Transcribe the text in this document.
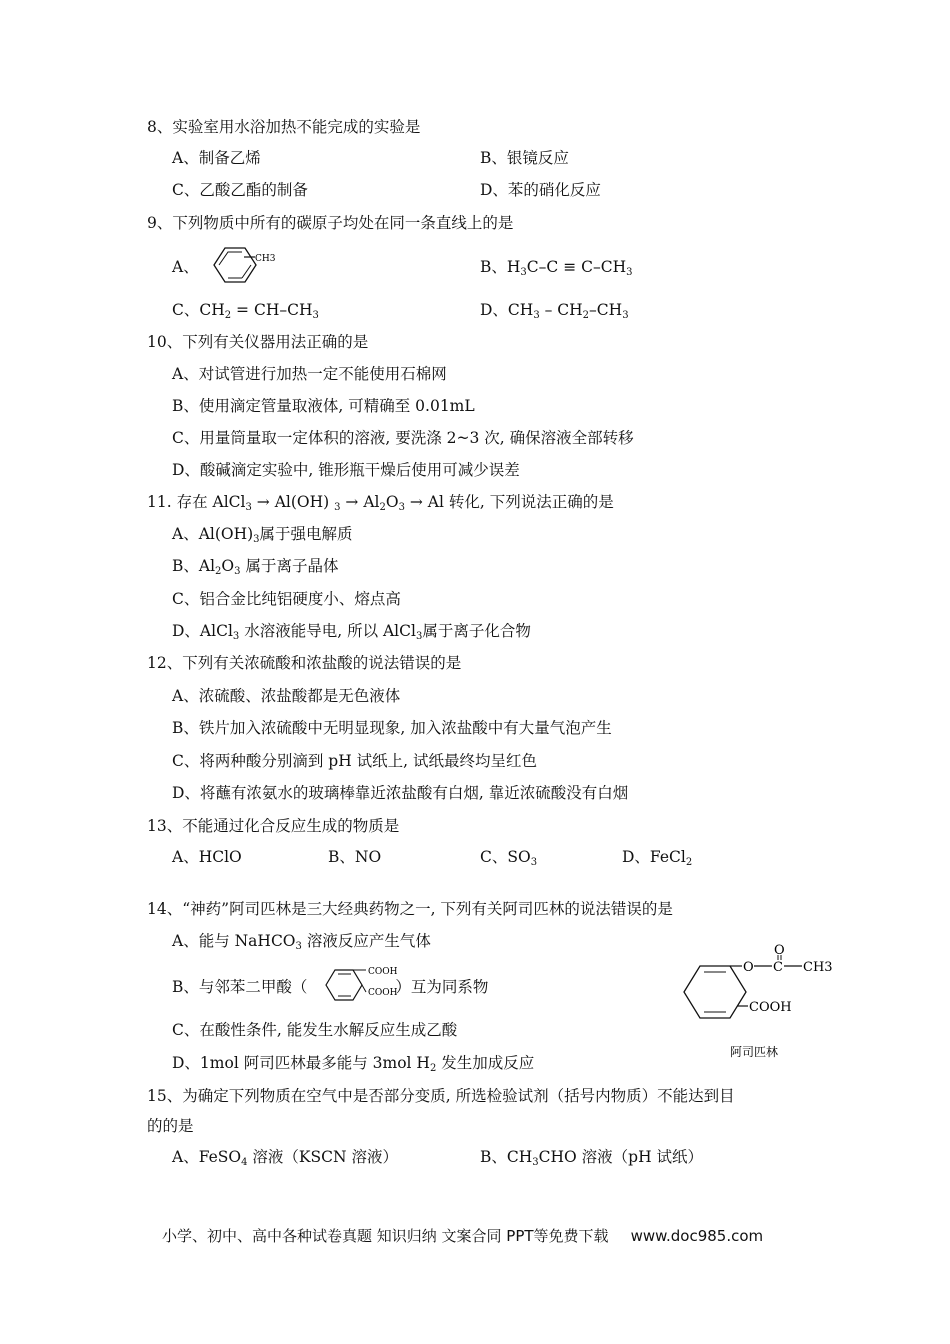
8、实验室用水浴加热不能完成的实验是
A、制备乙烯	B、银镜反应
C、乙酸乙酯的制备	D、苯的硝化反应
9、下列物质中所有的碳原子均处在同一条直线上的是
A、	CH3	B、$H_3C-C \equiv C-CH_3$
C、$CH_2 = CH-CH_3$	D、$CH_3 - CH_2-CH_3$
10、下列有关仪器用法正确的是
A、对试管进行加热一定不能使用石棉网
B、使用滴定管量取液体, 可精确至 0.01mL
C、用量筒量取一定体积的溶液, 要洗涤 2~3 次, 确保溶液全部转移
D、酸碱滴定实验中, 锥形瓶干燥后使用可减少误差
11. 存在 AlCl$_3$ → Al(OH) $_3 \to Al_2O_3 \to Al$ 转化, 下列说法正确的是
A、$Al(OH)_3$属于强电解质
B、$Al_2O_3$ 属于离子晶体
C、铝合金比纯铝硬度小、熔点高
D、AlCl$_3$ 水溶液能导电, 所以 AlCl$_3$属于离子化合物
12、下列有关浓硫酸和浓盐酸的说法错误的是
A、浓硫酸、浓盐酸都是无色液体
B、铁片加入浓硫酸中无明显现象, 加入浓盐酸中有大量气泡产生
C、将两种酸分别滴到 pH 试纸上, 试纸最终均呈红色
D、将蘸有浓氨水的玻璃棒靠近浓盐酸有白烟, 靠近浓硫酸没有白烟
13、不能通过化合反应生成的物质是
A、HClO	B、NO	C、$SO_3$	D、FeCl$_2$
14、“神药”阿司匹林是三大经典药物之一, 下列有关阿司匹林的说法错误的是
A、能与 NaHCO$_3$ 溶液反应产生气体
B、与邻苯二甲酸（	）互为同系物
COOH
COOH
C、在酸性条件, 能发生水解反应生成乙酸
D、1mol 阿司匹林最多能与 3mol $H_2$ 发生加成反应
O C
O
CH3
COOH
阿司匹林
15、为确定下列物质在空气中是否部分变质, 所选检验试剂（括号内物质）不能达到目
的的是
A、FeSO$_4$ 溶液（KSCN 溶液）	B、$CH_3CHO$ 溶液（pH 试纸）
小学、初中、高中各种试卷真题 知识归纳 文案合同 PPT等免费下载 www.doc985.com
